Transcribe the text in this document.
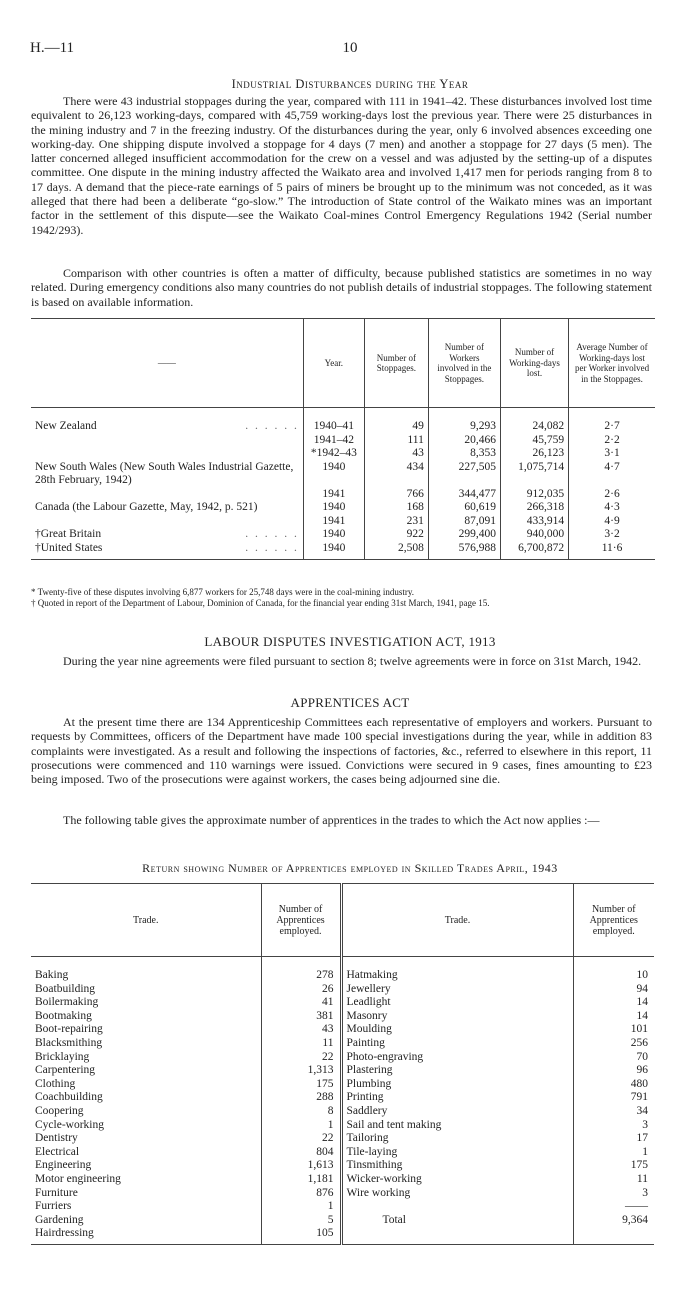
H.—11	10
Industrial Disturbances during the Year
There were 43 industrial stoppages during the year, compared with 111 in 1941–42. These disturbances involved lost time equivalent to 26,123 working-days, compared with 45,759 working-days lost the previous year. There were 25 disturbances in the mining industry and 7 in the freezing industry. Of the disturbances during the year, only 6 involved absences exceeding one working-day. One shipping dispute involved a stoppage for 4 days (7 men) and another a stoppage for 27 days (5 men). The latter concerned alleged insufficient accommodation for the crew on a vessel and was adjusted by the setting-up of a disputes committee. One dispute in the mining industry affected the Waikato area and involved 1,417 men for periods ranging from 8 to 17 days. A demand that the piece-rate earnings of 5 pairs of miners be brought up to the minimum was not conceded, as it was alleged that there had been a deliberate “go-slow.” The introduction of State control of the Waikato mines was an important factor in the settlement of this dispute—see the Waikato Coal-mines Control Emergency Regulations 1942 (Serial number 1942/293).
Comparison with other countries is often a matter of difficulty, because published statistics are sometimes in no way related. During emergency conditions also many countries do not publish details of industrial stoppages. The following statement is based on available information.
——	Year.	Number of Stoppages.	Number of Workers involved in the Stoppages.	Number of Working-days lost.	Average Number of Working-days lost per Worker involved in the Stoppages.

New Zealand . . . . . .	1940–41	49	9,293	24,082	2·7

	1941–42	111	20,466	45,759	2·2

	*1942–43	43	8,353	26,123	3·1
New South Wales (New South Wales Industrial Gazette, 28th February, 1942)	1940	434	227,505	1,075,714	4·7

	1941	766	344,477	912,035	2·6
Canada (the Labour Gazette, May, 1942, p. 521)	1940	168	60,619	266,318	4·3

	1941	231	87,091	433,914	4·9
†Great Britain . . . . . .	1940	922	299,400	940,000	3·2
†United States . . . . . .	1940	2,508	576,988	6,700,872	11·6
* Twenty-five of these disputes involving 6,877 workers for 25,748 days were in the coal-mining industry.
† Quoted in report of the Department of Labour, Dominion of Canada, for the financial year ending 31st March, 1941, page 15.
LABOUR DISPUTES INVESTIGATION ACT, 1913
During the year nine agreements were filed pursuant to section 8; twelve agreements were in force on 31st March, 1942.
APPRENTICES ACT
At the present time there are 134 Apprenticeship Committees each representative of employers and workers. Pursuant to requests by Committees, officers of the Department have made 100 special investigations during the year, while in addition 83 complaints were investigated. As a result and following the inspections of factories, &c., referred to elsewhere in this report, 11 prosecutions were commenced and 110 warnings were issued. Convictions were secured in 9 cases, fines amounting to £23 being imposed. Two of the prosecutions were against workers, the cases being adjourned sine die.
The following table gives the approximate number of apprentices in the trades to which the Act now applies :—
Return showing Number of Apprentices employed in Skilled Trades April, 1943
Trade.	Number of Apprentices employed.	Trade.	Number of Apprentices employed.

Baking	278	Hatmaking	10
Boatbuilding	26	Jewellery	94
Boilermaking	41	Leadlight	14
Bootmaking	381	Masonry	14
Boot-repairing	43	Moulding	101
Blacksmithing	11	Painting	256
Bricklaying	22	Photo-engraving	70
Carpentering	1,313	Plastering	96
Clothing	175	Plumbing	480
Coachbuilding	288	Printing	791
Coopering	8	Saddlery	34
Cycle-working	1	Sail and tent making	3
Dentistry	22	Tailoring	17
Electrical	804	Tile-laying	1
Engineering	1,613	Tinsmithing	175
Motor engineering	1,181	Wicker-working	11
Furniture	876	Wire working	3
Furriers	1		——
Gardening	5	Total	9,364
Hairdressing	105		
